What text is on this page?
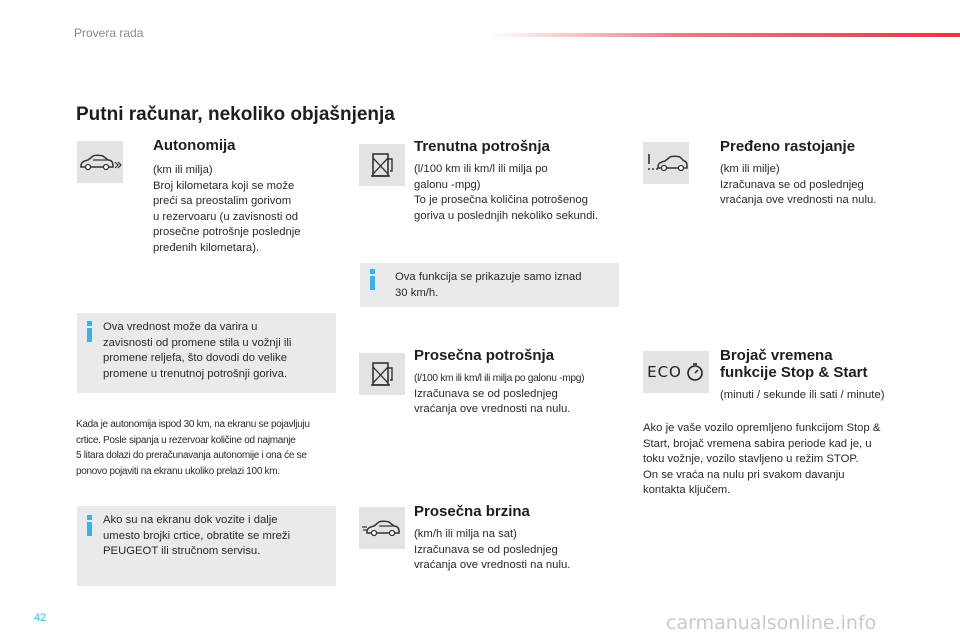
Provera rada
Putni računar, nekoliko objašnjenja
Autonomija
(km ili milja)
Broj kilometara koji se može
preći sa preostalim gorivom
u rezervoaru (u zavisnosti od
prosečne potrošnje poslednje
pređenih kilometara).
Ova vrednost može da varira u
zavisnosti od promene stila u vožnji ili
promene reljefa, što dovodi do velike
promene u trenutnoj potrošnji goriva.
Kada je autonomija ispod 30 km, na ekranu se pojavljuju
crtice. Posle sipanja u rezervoar količine od najmanje
5 litara dolazi do preračunavanja autonomije i ona će se
ponovo pojaviti na ekranu ukoliko prelazi 100 km.
Ako su na ekranu dok vozite i dalje
umesto brojki crtice, obratite se mreži
PEUGEOT ili stručnom servisu.
Trenutna potrošnja
(l/100 km ili km/l ili milja po
galonu -mpg)
To je prosečna količina potrošenog
goriva u poslednjih nekoliko sekundi.
Ova funkcija se prikazuje samo iznad
30 km/h.
Prosečna potrošnja
(l/100 km ili km/l ili milja po galonu -mpg)
Izračunava se od poslednjeg
vraćanja ove vrednosti na nulu.
Prosečna brzina
(km/h ili milja na sat)
Izračunava se od poslednjeg
vraćanja ove vrednosti na nulu.
Pređeno rastojanje
(km ili milje)
Izračunava se od poslednjeg
vraćanja ove vrednosti na nulu.
ECO
Brojač vremena
funkcije Stop & Start
(minuti / sekunde ili sati / minute)
Ako je vaše vozilo opremljeno funkcijom Stop &
Start, brojač vremena sabira periode kad je, u
toku vožnje, vozilo stavljeno u režim STOP.
On se vraća na nulu pri svakom davanju
kontakta ključem.
42	carmanualsonline.info
